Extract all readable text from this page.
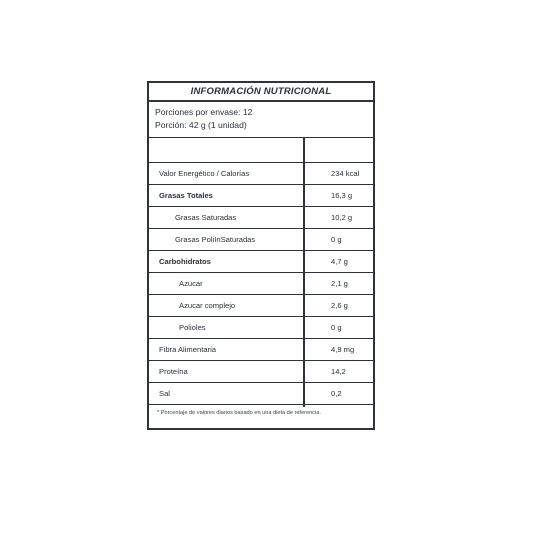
INFORMACIÓN NUTRICIONAL
Porciones por envase: 12
Porción: 42 g (1 unidad)
Valor Energético / Calorías	234 kcal
Grasas Totales	16,3 g
Grasas Saturadas	10,2 g
Grasas PoliInSaturadas	0 g
Carbohidratos	4,7 g
Azucar	2,1 g
Azucar complejo	2,6 g
Polioles	0 g
Fibra Alimentaria	4,9 mg
Proteína	14,2
Sal	0,2
* Porcentaje de valores diarios basado en una dieta de referencia.
